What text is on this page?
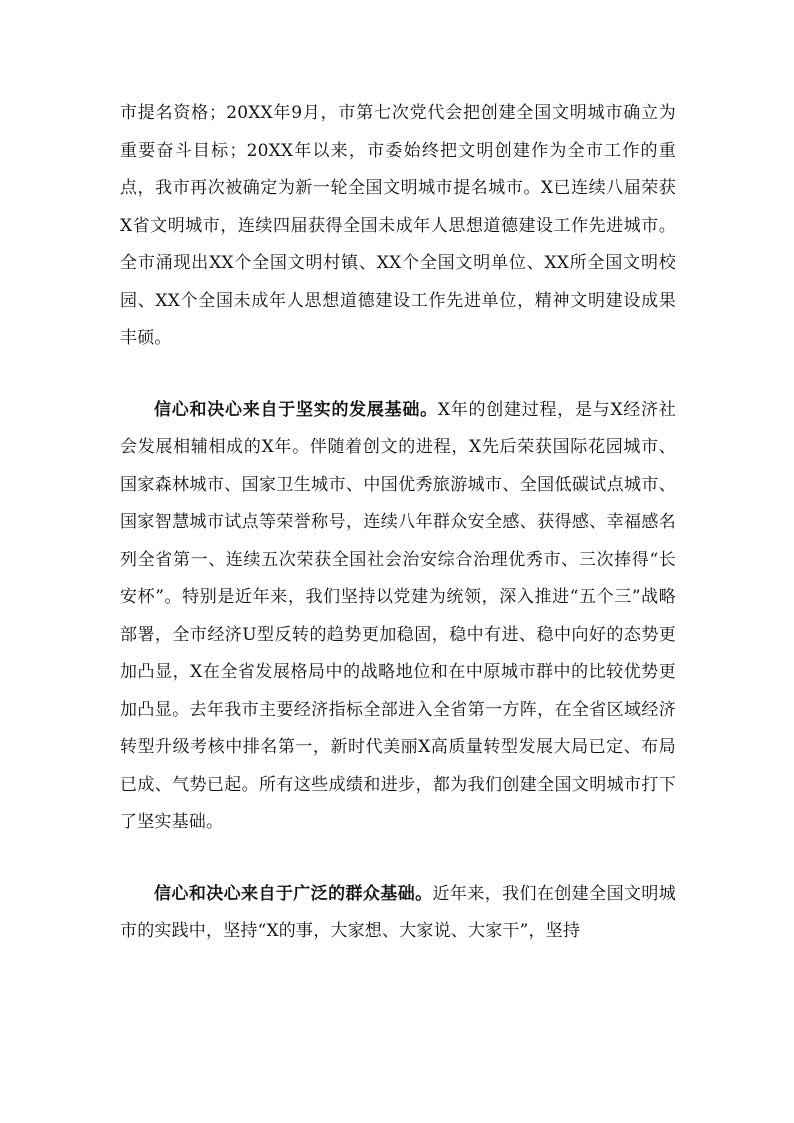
市提名资格；20XX年9月，市第七次党代会把创建全国文明城市确立为重要奋斗目标；20XX年以来，市委始终把文明创建作为全市工作的重点，我市再次被确定为新一轮全国文明城市提名城市。X已连续八届荣获X省文明城市，连续四届获得全国未成年人思想道德建设工作先进城市。全市涌现出XX个全国文明村镇、XX个全国文明单位、XX所全国文明校园、XX个全国未成年人思想道德建设工作先进单位，精神文明建设成果丰硕。

信心和决心来自于坚实的发展基础。X年的创建过程，是与X经济社会发展相辅相成的X年。伴随着创文的进程，X先后荣获国际花园城市、国家森林城市、国家卫生城市、中国优秀旅游城市、全国低碳试点城市、国家智慧城市试点等荣誉称号，连续八年群众安全感、获得感、幸福感名列全省第一、连续五次荣获全国社会治安综合治理优秀市、三次捧得“长安杯”。特别是近年来，我们坚持以党建为统领，深入推进“五个三”战略部署，全市经济U型反转的趋势更加稳固，稳中有进、稳中向好的态势更加凸显，X在全省发展格局中的战略地位和在中原城市群中的比较优势更加凸显。去年我市主要经济指标全部进入全省第一方阵，在全省区域经济转型升级考核中排名第一，新时代美丽X高质量转型发展大局已定、布局已成、气势已起。所有这些成绩和进步，都为我们创建全国文明城市打下了坚实基础。

信心和决心来自于广泛的群众基础。近年来，我们在创建全国文明城市的实践中，坚持“X的事，大家想、大家说、大家干”，坚持
